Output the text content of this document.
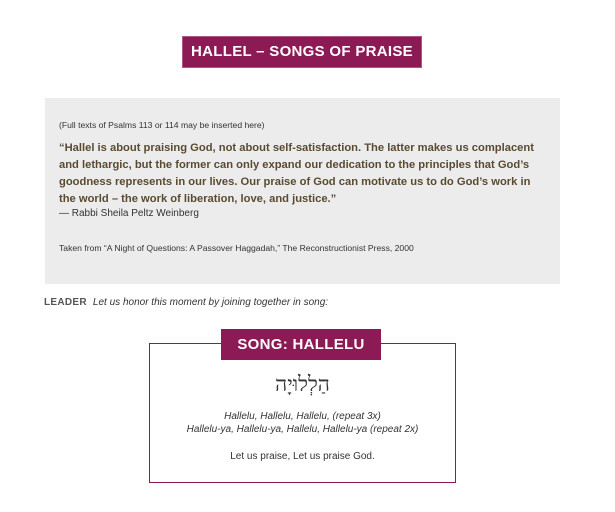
HALLEL – SONGS OF PRAISE
(Full texts of Psalms 113 or 114 may be inserted here)
“Hallel is about praising God, not about self-satisfaction. The latter makes us complacent and lethargic, but the former can only expand our dedication to the principles that God’s goodness represents in our lives. Our praise of God can motivate us to do God’s work in the world – the work of liberation, love, and justice.”
— Rabbi Sheila Peltz Weinberg
Taken from “A Night of Questions: A Passover Haggadah,” The Reconstructionist Press, 2000
LEADER Let us honor this moment by joining together in song:
SONG: HALLELU
הַלְלוּיָה
Hallelu, Hallelu, Hallelu, (repeat 3x)
Hallelu-ya, Hallelu-ya, Hallelu, Hallelu-ya (repeat 2x)
Let us praise, Let us praise God.
